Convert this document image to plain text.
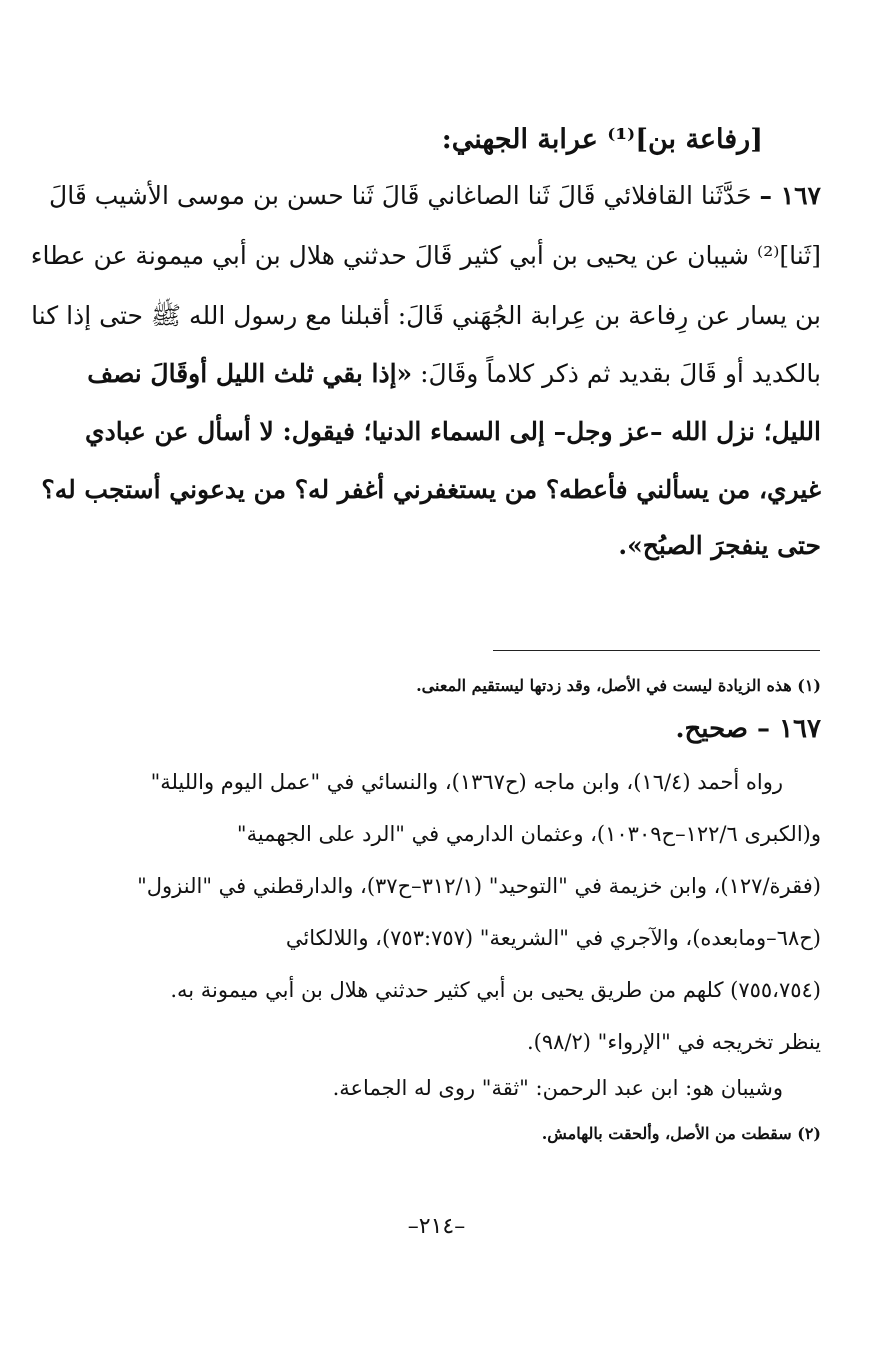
[رفاعة بن]⁽¹⁾ عرابة الجهني:
١٦٧ – حَدَّثَنا القافلائي قَالَ ثَنا الصاغاني قَالَ ثَنا حسن بن موسى الأشيب قَالَ
[ثَنا]⁽²⁾ شيبان عن يحيى بن أبي كثير قَالَ حدثني هلال بن أبي ميمونة عن عطاء
بن يسار عن رِفاعة بن عِرابة الجُهَني قَالَ: أقبلنا مع رسول الله ﷺ حتى إذا كنا
بالكديد أو قَالَ بقديد ثم ذكر كلاماً وقَالَ: «إذا بقي ثلث الليل أوقَالَ نصف
الليل؛ نزل الله –عز وجل– إلى السماء الدنيا؛ فيقول: لا أسأل عن عبادي
غيري، من يسألني فأعطه؟ من يستغفرني أغفر له؟ من يدعوني أستجب له؟
حتى ينفجرَ الصبُح».
(١) هذه الزيادة ليست في الأصل، وقد زدتها ليستقيم المعنى.
١٦٧ – صحيح.
رواه أحمد (١٦/٤)، وابن ماجه (ح١٣٦٧)، والنسائي في "عمل اليوم والليلة"
و(الكبرى ١٢٢/٦–ح١٠٣٠٩)، وعثمان الدارمي في "الرد على الجهمية"
(فقرة/١٢٧)، وابن خزيمة في "التوحيد" (٣١٢/١–ح٣٧)، والدارقطني في "النزول"
(ح٦٨–ومابعده)، والآجري في "الشريعة" (٧٥٣:٧٥٧)، واللالكائي
(٧٥٥،٧٥٤) كلهم من طريق يحيى بن أبي كثير حدثني هلال بن أبي ميمونة به.
ينظر تخريجه في "الإرواء" (٩٨/٢).
وشيبان هو: ابن عبد الرحمن: "ثقة" روى له الجماعة.
(٢) سقطت من الأصل، وألحقت بالهامش.
–٢١٤–
